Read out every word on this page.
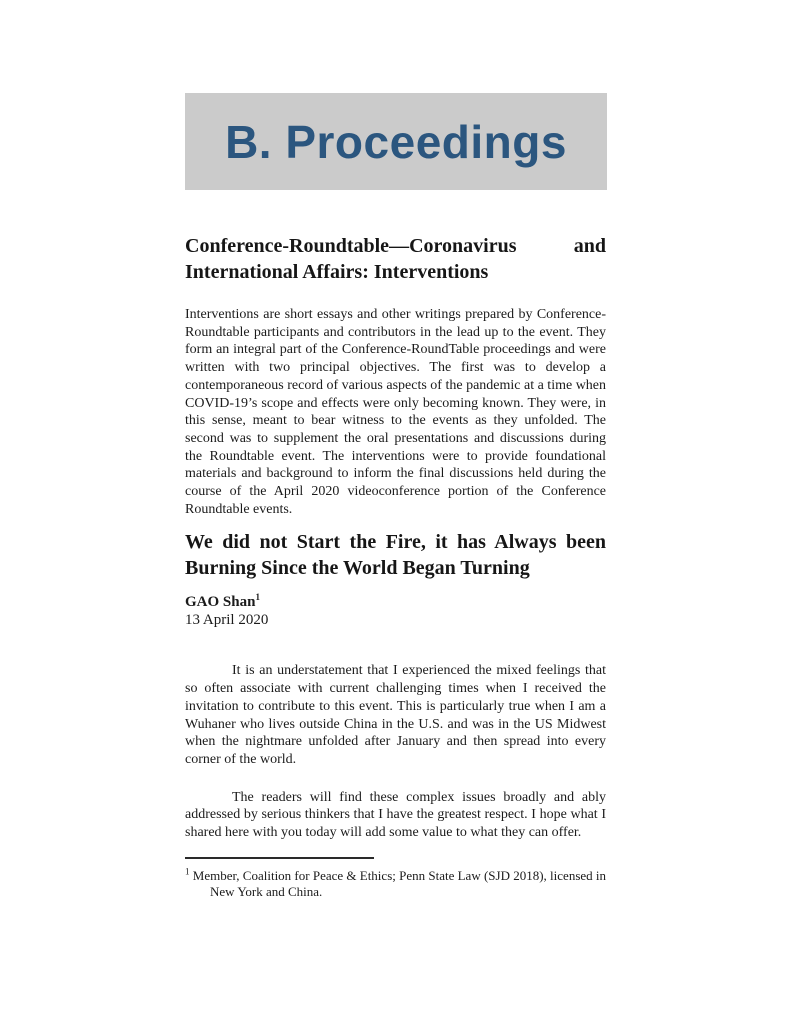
B. Proceedings
Conference-Roundtable—Coronavirus and
International Affairs: Interventions

Interventions are short essays and other writings prepared by Conference-Roundtable participants and contributors in the lead up to the event. They form an integral part of the Conference-RoundTable proceedings and were written with two principal objectives. The first was to develop a contemporaneous record of various aspects of the pandemic at a time when COVID-19’s scope and effects were only becoming known. They were, in this sense, meant to bear witness to the events as they unfolded. The second was to supplement the oral presentations and discussions during the Roundtable event. The interventions were to provide foundational materials and background to inform the final discussions held during the course of the April 2020 videoconference portion of the Conference Roundtable events.

We did not Start the Fire, it has Always been
Burning Since the World Began Turning
GAO Shan$^1$
13 April 2020

It is an understatement that I experienced the mixed feelings that so often associate with current challenging times when I received the invitation to contribute to this event. This is particularly true when I am a Wuhaner who lives outside China in the U.S. and was in the US Midwest when the nightmare unfolded after January and then spread into every corner of the world.

The readers will find these complex issues broadly and ably addressed by serious thinkers that I have the greatest respect. I hope what I shared here with you today will add some value to what they can offer.

$^1$ Member, Coalition for Peace & Ethics; Penn State Law (SJD 2018), licensed in New York and China.
